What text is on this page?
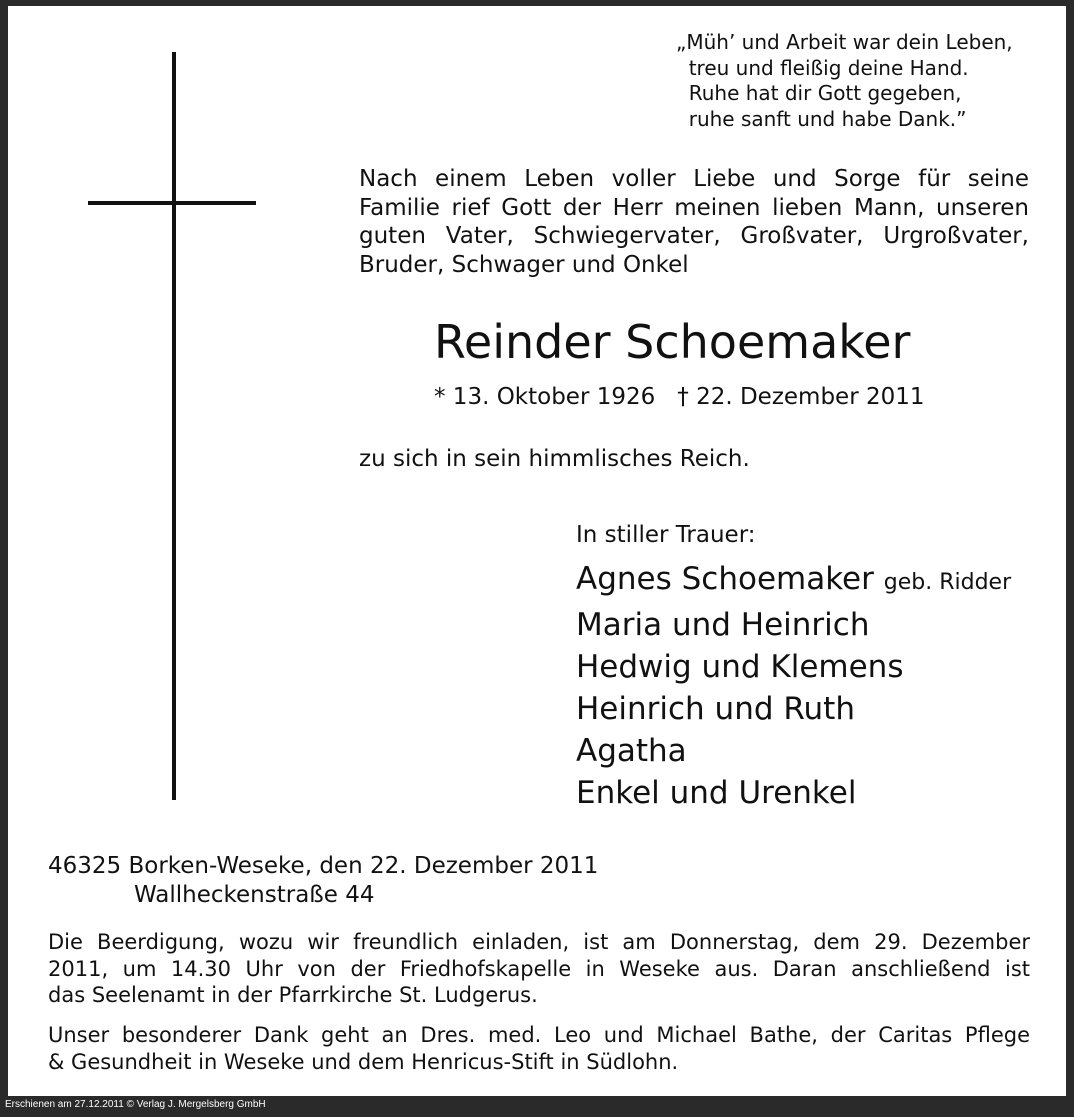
„Müh’ und Arbeit war dein Leben,
treu und fleißig deine Hand.
Ruhe hat dir Gott gegeben,
ruhe sanft und habe Dank.”
Nach einem Leben voller Liebe und Sorge für seine
Familie rief Gott der Herr meinen lieben Mann, unseren
guten Vater, Schwiegervater, Großvater, Urgroßvater,
Bruder, Schwager und Onkel
Reinder Schoemaker
* 13. Oktober 1926 † 22. Dezember 2011
zu sich in sein himmlisches Reich.
In stiller Trauer:
Agnes Schoemaker geb. Ridder
Maria und Heinrich
Hedwig und Klemens
Heinrich und Ruth
Agatha
Enkel und Urenkel
46325 Borken-Weseke, den 22. Dezember 2011
Wallheckenstraße 44
Die Beerdigung, wozu wir freundlich einladen, ist am Donnerstag, dem 29. Dezember
2011, um 14.30 Uhr von der Friedhofskapelle in Weseke aus. Daran anschließend ist
das Seelenamt in der Pfarrkirche St. Ludgerus.
Unser besonderer Dank geht an Dres. med. Leo und Michael Bathe, der Caritas Pflege
& Gesundheit in Weseke und dem Henricus-Stift in Südlohn.
Erschienen am 27.12.2011 © Verlag J. Mergelsberg GmbH
